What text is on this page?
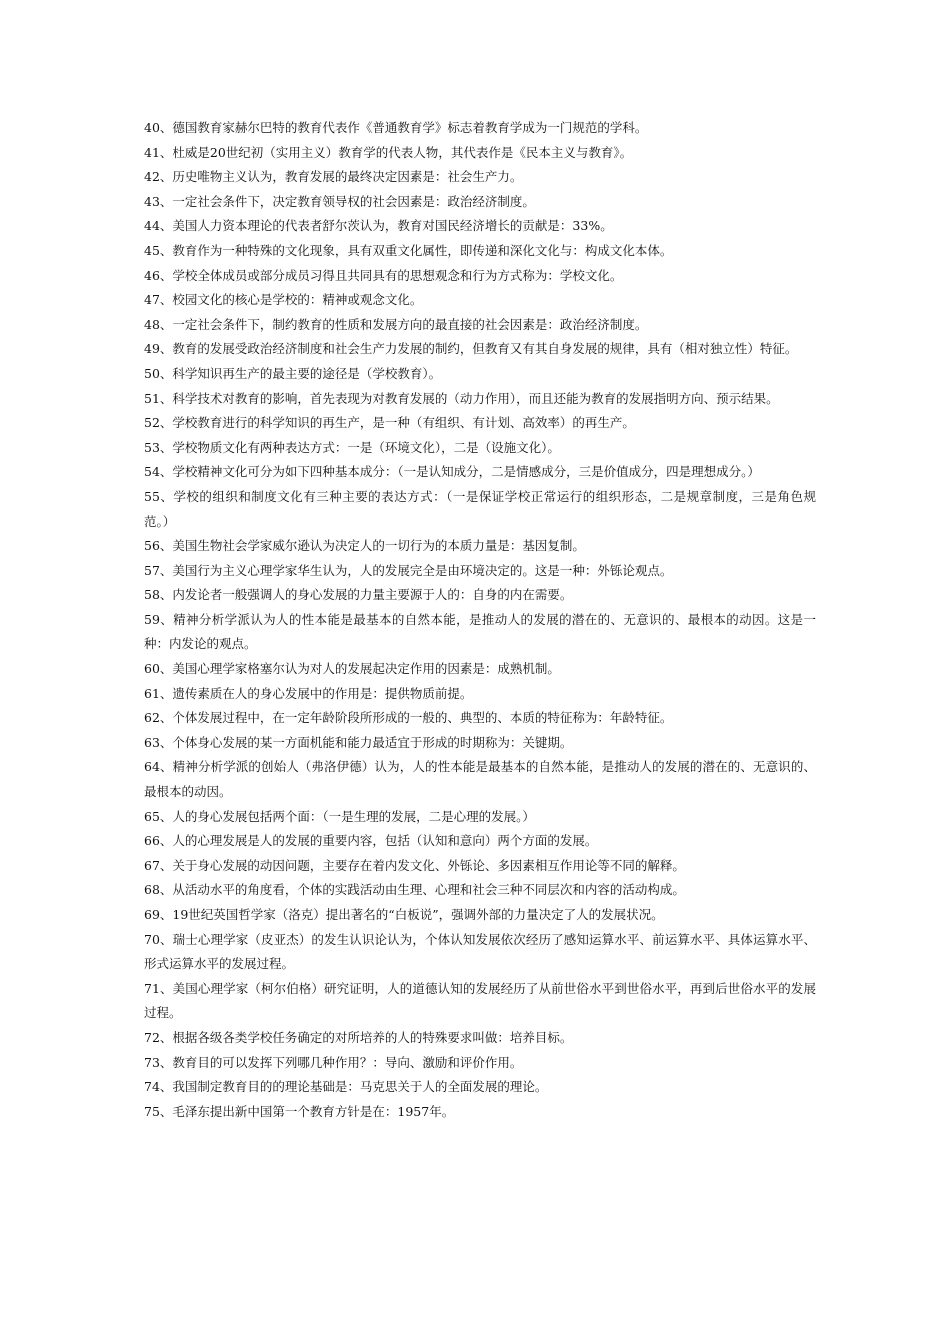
40、德国教育家赫尔巴特的教育代表作《普通教育学》标志着教育学成为一门规范的学科。

41、杜威是20世纪初（实用主义）教育学的代表人物，其代表作是《民本主义与教育》。

42、历史唯物主义认为，教育发展的最终决定因素是：社会生产力。

43、一定社会条件下，决定教育领导权的社会因素是：政治经济制度。

44、美国人力资本理论的代表者舒尔茨认为，教育对国民经济增长的贡献是：33%。

45、教育作为一种特殊的文化现象，具有双重文化属性，即传递和深化文化与：构成文化本体。

46、学校全体成员或部分成员习得且共同具有的思想观念和行为方式称为：学校文化。

47、校园文化的核心是学校的：精神或观念文化。

48、一定社会条件下，制约教育的性质和发展方向的最直接的社会因素是：政治经济制度。

49、教育的发展受政治经济制度和社会生产力发展的制约，但教育又有其自身发展的规律，具有（相对独立性）特征。

50、科学知识再生产的最主要的途径是（学校教育）。

51、科学技术对教育的影响，首先表现为对教育发展的（动力作用），而且还能为教育的发展指明方向、预示结果。

52、学校教育进行的科学知识的再生产，是一种（有组织、有计划、高效率）的再生产。

53、学校物质文化有两种表达方式：一是（环境文化），二是（设施文化）。

54、学校精神文化可分为如下四种基本成分：（一是认知成分，二是情感成分，三是价值成分，四是理想成分。）

55、学校的组织和制度文化有三种主要的表达方式：（一是保证学校正常运行的组织形态，二是规章制度，三是角色规范。）

56、美国生物社会学家威尔逊认为决定人的一切行为的本质力量是：基因复制。

57、美国行为主义心理学家华生认为，人的发展完全是由环境决定的。这是一种：外铄论观点。

58、内发论者一般强调人的身心发展的力量主要源于人的：自身的内在需要。

59、精神分析学派认为人的性本能是最基本的自然本能，是推动人的发展的潜在的、无意识的、最根本的动因。这是一种：内发论的观点。

60、美国心理学家格塞尔认为对人的发展起决定作用的因素是：成熟机制。

61、遗传素质在人的身心发展中的作用是：提供物质前提。

62、个体发展过程中，在一定年龄阶段所形成的一般的、典型的、本质的特征称为：年龄特征。

63、个体身心发展的某一方面机能和能力最适宜于形成的时期称为：关键期。

64、精神分析学派的创始人（弗洛伊德）认为，人的性本能是最基本的自然本能，是推动人的发展的潜在的、无意识的、最根本的动因。

65、人的身心发展包括两个面：（一是生理的发展，二是心理的发展。）

66、人的心理发展是人的发展的重要内容，包括（认知和意向）两个方面的发展。

67、关于身心发展的动因问题，主要存在着内发文化、外铄论、多因素相互作用论等不同的解释。

68、从活动水平的角度看，个体的实践活动由生理、心理和社会三种不同层次和内容的活动构成。

69、19世纪英国哲学家（洛克）提出著名的“白板说”，强调外部的力量决定了人的发展状况。

70、瑞士心理学家（皮亚杰）的发生认识论认为，个体认知发展依次经历了感知运算水平、前运算水平、具体运算水平、形式运算水平的发展过程。

71、美国心理学家（柯尔伯格）研究证明，人的道德认知的发展经历了从前世俗水平到世俗水平，再到后世俗水平的发展过程。

72、根据各级各类学校任务确定的对所培养的人的特殊要求叫做：培养目标。

73、教育目的可以发挥下列哪几种作用？：导向、激励和评价作用。

74、我国制定教育目的的理论基础是：马克思关于人的全面发展的理论。

75、毛泽东提出新中国第一个教育方针是在：1957年。
